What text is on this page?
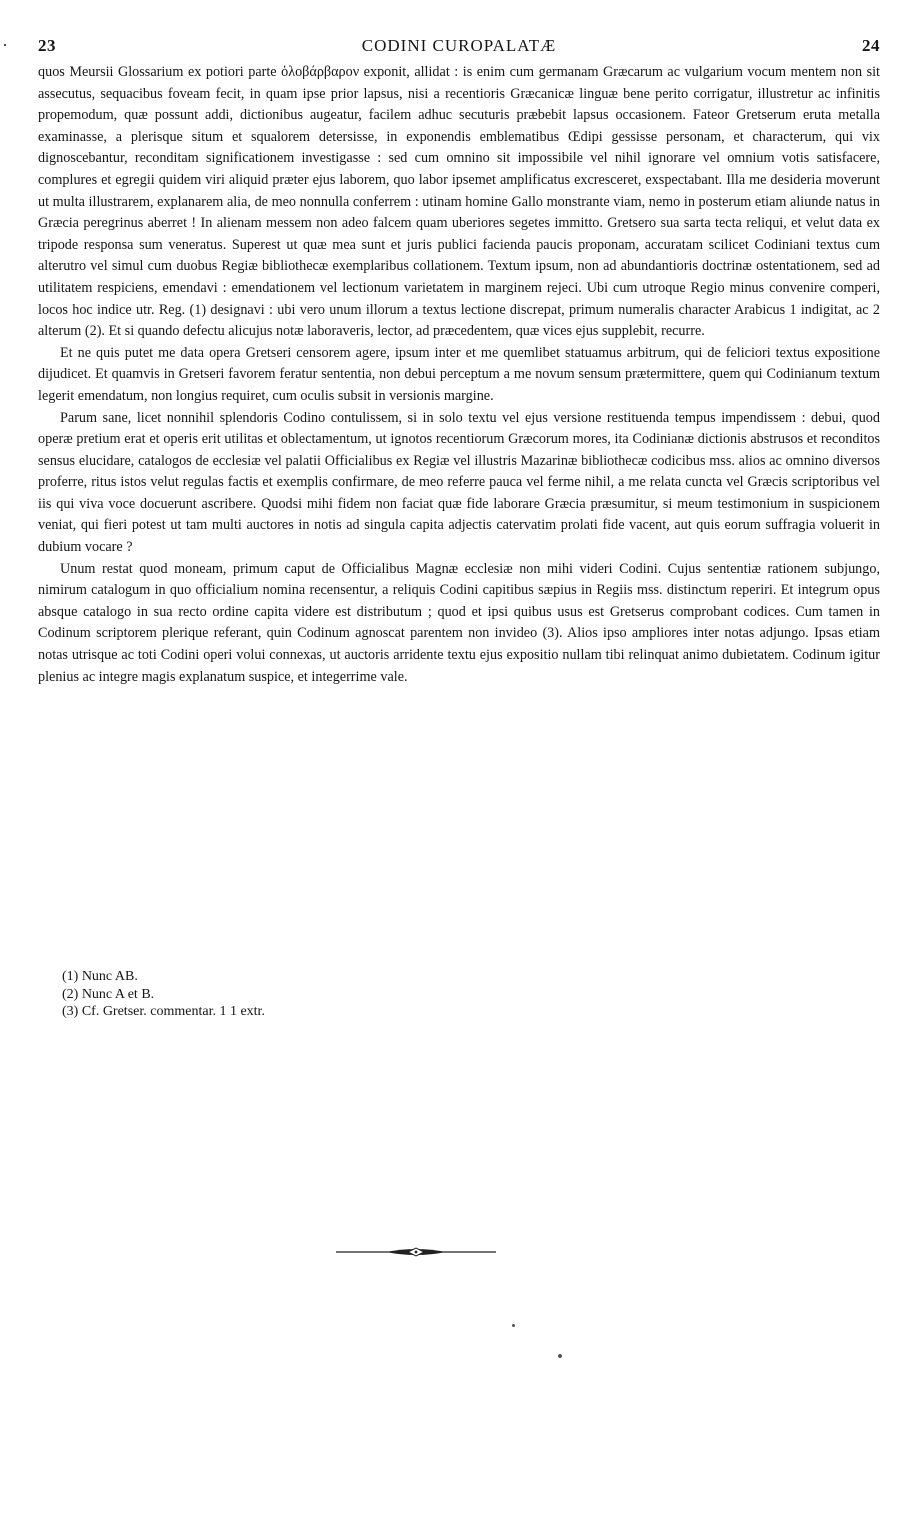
23	CODINI CUROPALATÆ	24

quos Meursii Glossarium ex potiori parte ὁλοβάρβαρον exponit, allidat : is enim cum germanam Græcarum ac vulgarium vocum mentem non sit assecutus, sequacibus foveam fecit, in quam ipse prior lapsus, nisi a recentioris Græcanicæ linguæ bene perito corrigatur, illustretur ac infinitis propemodum, quæ possunt addi, dictionibus augeatur, facilem adhuc secuturis præbebit lapsus occasionem. Fateor Gretserum eruta metalla examinasse, a plerisque situm et squalorem detersisse, in exponendis emblematibus Œdipi gessisse personam, et characterum, qui vix dignoscebantur, reconditam significationem investigasse : sed cum omnino sit impossibile vel nihil ignorare vel omnium votis satisfacere, complures et egregii quidem viri aliquid præter ejus laborem, quo labor ipsemet amplificatus excresceret, exspectabant. Illa me desideria moverunt ut multa illustrarem, explanarem alia, de meo nonnulla conferrem : utinam homine Gallo monstrante viam, nemo in posterum etiam aliunde natus in Græcia peregrinus aberret ! In alienam messem non adeo falcem quam uberiores segetes immitto. Gretsero sua sarta tecta reliqui, et velut data ex tripode responsa sum veneratus. Superest ut quæ mea sunt et juris publici facienda paucis proponam, accuratam scilicet Codiniani textus cum alterutro vel simul cum duobus Regiæ bibliothecæ exemplaribus collationem. Textum ipsum, non ad abundantioris doctrinæ ostentationem, sed ad utilitatem respiciens, emendavi : emendationem vel lectionum varietatem in marginem rejeci. Ubi cum utroque Regio minus convenire comperi, locos hoc indice utr. Reg. (1) designavi : ubi vero unum illorum a textus lectione discrepat, primum numeralis character Arabicus 1 indigitat, ac 2 alterum (2). Et si quando defectu alicujus notæ laboraveris, lector, ad præcedentem, quæ vices ejus supplebit, recurre.

Et ne quis putet me data opera Gretseri censorem agere, ipsum inter et me quemlibet statuamus arbitrum, qui de feliciori textus expositione dijudicet. Et quamvis in Gretseri favorem feratur sententia, non debui perceptum a me novum sensum prætermittere, quem qui Codinianum textum legerit emendatum, non longius requiret, cum oculis subsit in versionis margine.

Parum sane, licet nonnihil splendoris Codino contulissem, si in solo textu vel ejus versione restituenda tempus impendissem : debui, quod operæ pretium erat et operis erit utilitas et oblectamentum, ut ignotos recentiorum Græcorum mores, ita Codinianæ dictionis abstrusos et reconditos sensus elucidare, catalogos de ecclesiæ vel palatii Officialibus ex Regiæ vel illustris Mazarinæ bibliothecæ codicibus mss. alios ac omnino diversos proferre, ritus istos velut regulas factis et exemplis confirmare, de meo referre pauca vel ferme nihil, a me relata cuncta vel Græcis scriptoribus vel iis qui viva voce docuerunt ascribere. Quodsi mihi fidem non faciat quæ fide laborare Græcia præsumitur, si meum testimonium in suspicionem veniat, qui fieri potest ut tam multi auctores in notis ad singula capita adjectis catervatim prolati fide vacent, aut quis eorum suffragia voluerit in dubium vocare ?

Unum restat quod moneam, primum caput de Officialibus Magnæ ecclesiæ non mihi videri Codini. Cujus sententiæ rationem subjungo, nimirum catalogum in quo officialium nomina recensentur, a reliquis Codini capitibus sæpius in Regiis mss. distinctum reperiri. Et integrum opus absque catalogo in sua recto ordine capita videre est distributum ; quod et ipsi quibus usus est Gretserus comprobant codices. Cum tamen in Codinum scriptorem plerique referant, quin Codinum agnoscat parentem non invideo (3). Alios ipso ampliores inter notas adjungo. Ipsas etiam notas utrisque ac toti Codini operi volui connexas, ut auctoris arridente textu ejus expositio nullam tibi relinquat animo dubietatem. Codinum igitur plenius ac integre magis explanatum suspice, et integerrime vale.

(1) Nunc AB.
(2) Nunc A et B.
(3) Cf. Gretser. commentar. 1 1 extr.
